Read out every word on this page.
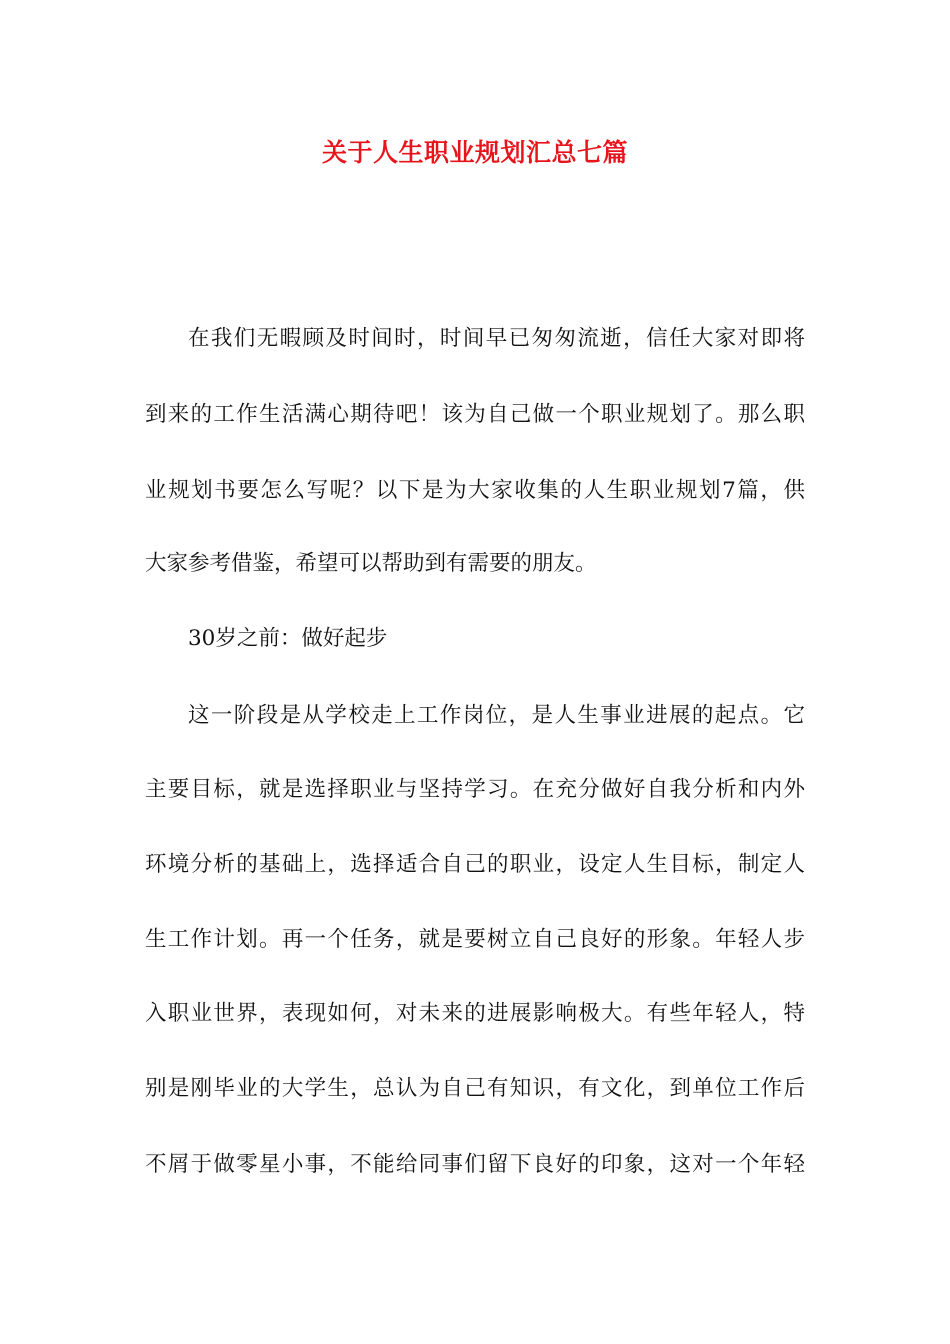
关于人生职业规划汇总七篇
在我们无暇顾及时间时，时间早已匆匆流逝，信任大家对即将
到来的工作生活满心期待吧！该为自己做一个职业规划了。那么职
业规划书要怎么写呢？以下是为大家收集的人生职业规划7篇，供
大家参考借鉴，希望可以帮助到有需要的朋友。
30岁之前：做好起步
这一阶段是从学校走上工作岗位，是人生事业进展的起点。它
主要目标，就是选择职业与坚持学习。在充分做好自我分析和内外
环境分析的基础上，选择适合自己的职业，设定人生目标，制定人
生工作计划。再一个任务，就是要树立自己良好的形象。年轻人步
入职业世界，表现如何，对未来的进展影响极大。有些年轻人，特
别是刚毕业的大学生，总认为自己有知识，有文化，到单位工作后
不屑于做零星小事，不能给同事们留下良好的印象，这对一个年轻
